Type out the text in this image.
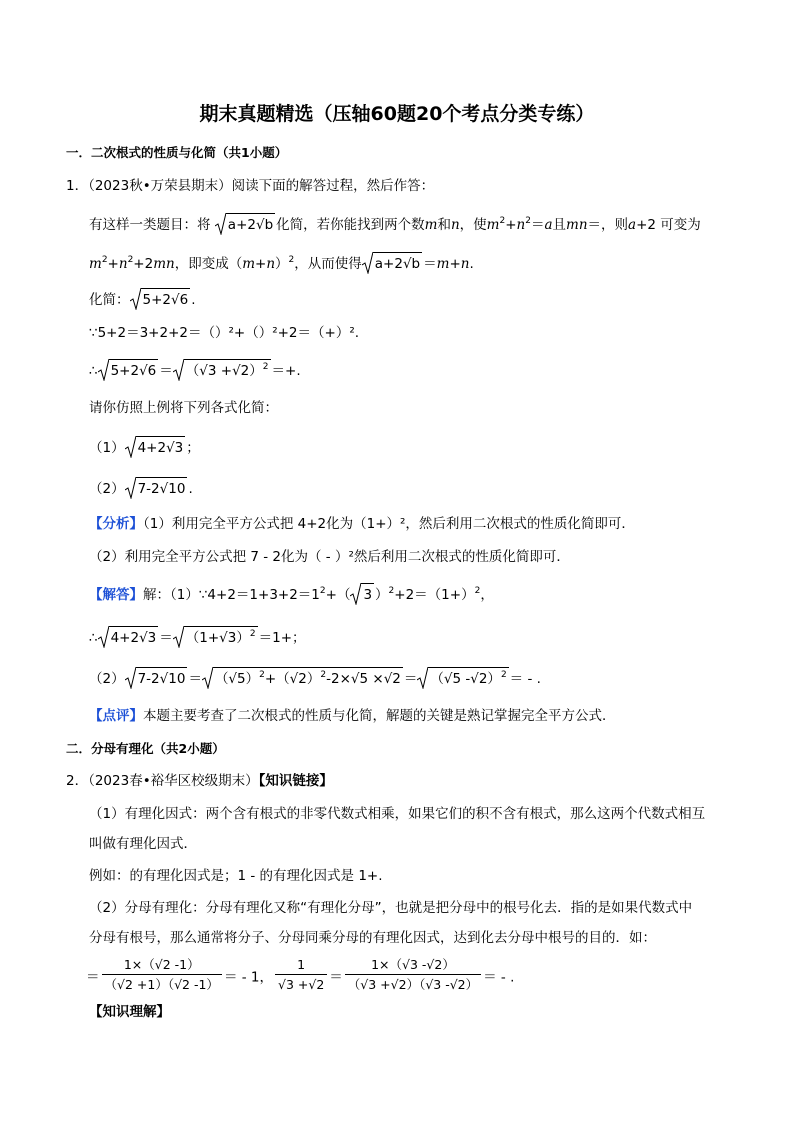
期末真题精选（压轴60题20个考点分类专练）
一．二次根式的性质与化简（共1小题）
1．（2023秋•万荣县期末）阅读下面的解答过程，然后作答：
有这样一类题目：将 a+2√b 化简，若你能找到两个数m和n，使$m^2+n^2=a$且mn＝，则a+2 可变为
$m^2+n^2+2mn$，即变成$(m+n)^2$，从而使得 a+2√b ＝m+n.
化简： 5+2√6 .
∵5+2＝3+2+2＝（）²+（）²+2＝（+）².
∴ $5+2√6 = (√3 +√2)^2$ ＝+.
请你仿照上例将下列各式化简：
（1） 4+2√3 ；
（2） 7-2√10 .
【分析】（1）利用完全平方公式把 4+2化为（1+）²，然后利用二次根式的性质化简即可．
（2）利用完全平方公式把 7 - 2化为（ - ）²然后利用二次根式的性质化简即可．
【解答】解：$(1)\because 4+2=1+3+2=1^2+$（ 3 ）$^2+2=(1+)^2$，
∴ $4+2√3 = (1+√3)^2 =1+$；
（2） $7-2√10 = (√5)^2+(√2)^2-2\times√5 \times√2 = (√5$ -√2）$^2$ ＝ - .
【点评】本题主要考查了二次根式的性质与化简，解题的关键是熟记掌握完全平方公式．
二．分母有理化（共2小题）
2．（2023春•裕华区校级期末）【知识链接】
（1）有理化因式：两个含有根式的非零代数式相乘，如果它们的积不含有根式，那么这两个代数式相互
叫做有理化因式．
例如：的有理化因式是；1 - 的有理化因式是 1+.
（2）分母有理化：分母有理化又称“有理化分母”，也就是把分母中的根号化去．指的是如果代数式中
分母有根号，那么通常将分子、分母同乘分母的有理化因式，达到化去分母中根号的目的．如：
＝ $\frac{1\times(√2 -1)}{(√2 +1)(√2 -1)}$ ＝ - 1， $\frac{1}{√3 +√2} = \frac{1\times(√3 -√2)}{(√3 +√2)(√3 -√2)}$ ＝ - .
【知识理解】
